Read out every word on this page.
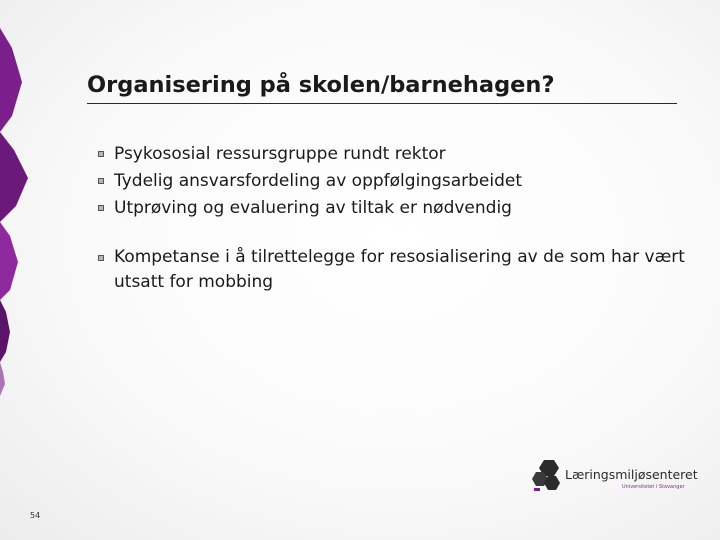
Organisering på skolen/barnehagen?
Psykososial ressursgruppe rundt rektor
Tydelig ansvarsfordeling av oppfølgingsarbeidet
Utprøving og evaluering av tiltak er nødvendig
Kompetanse i å tilrettelegge for resosialisering av de som har vært utsatt for mobbing
54
Læringsmiljøsenteret
Universitetet i Stavanger
